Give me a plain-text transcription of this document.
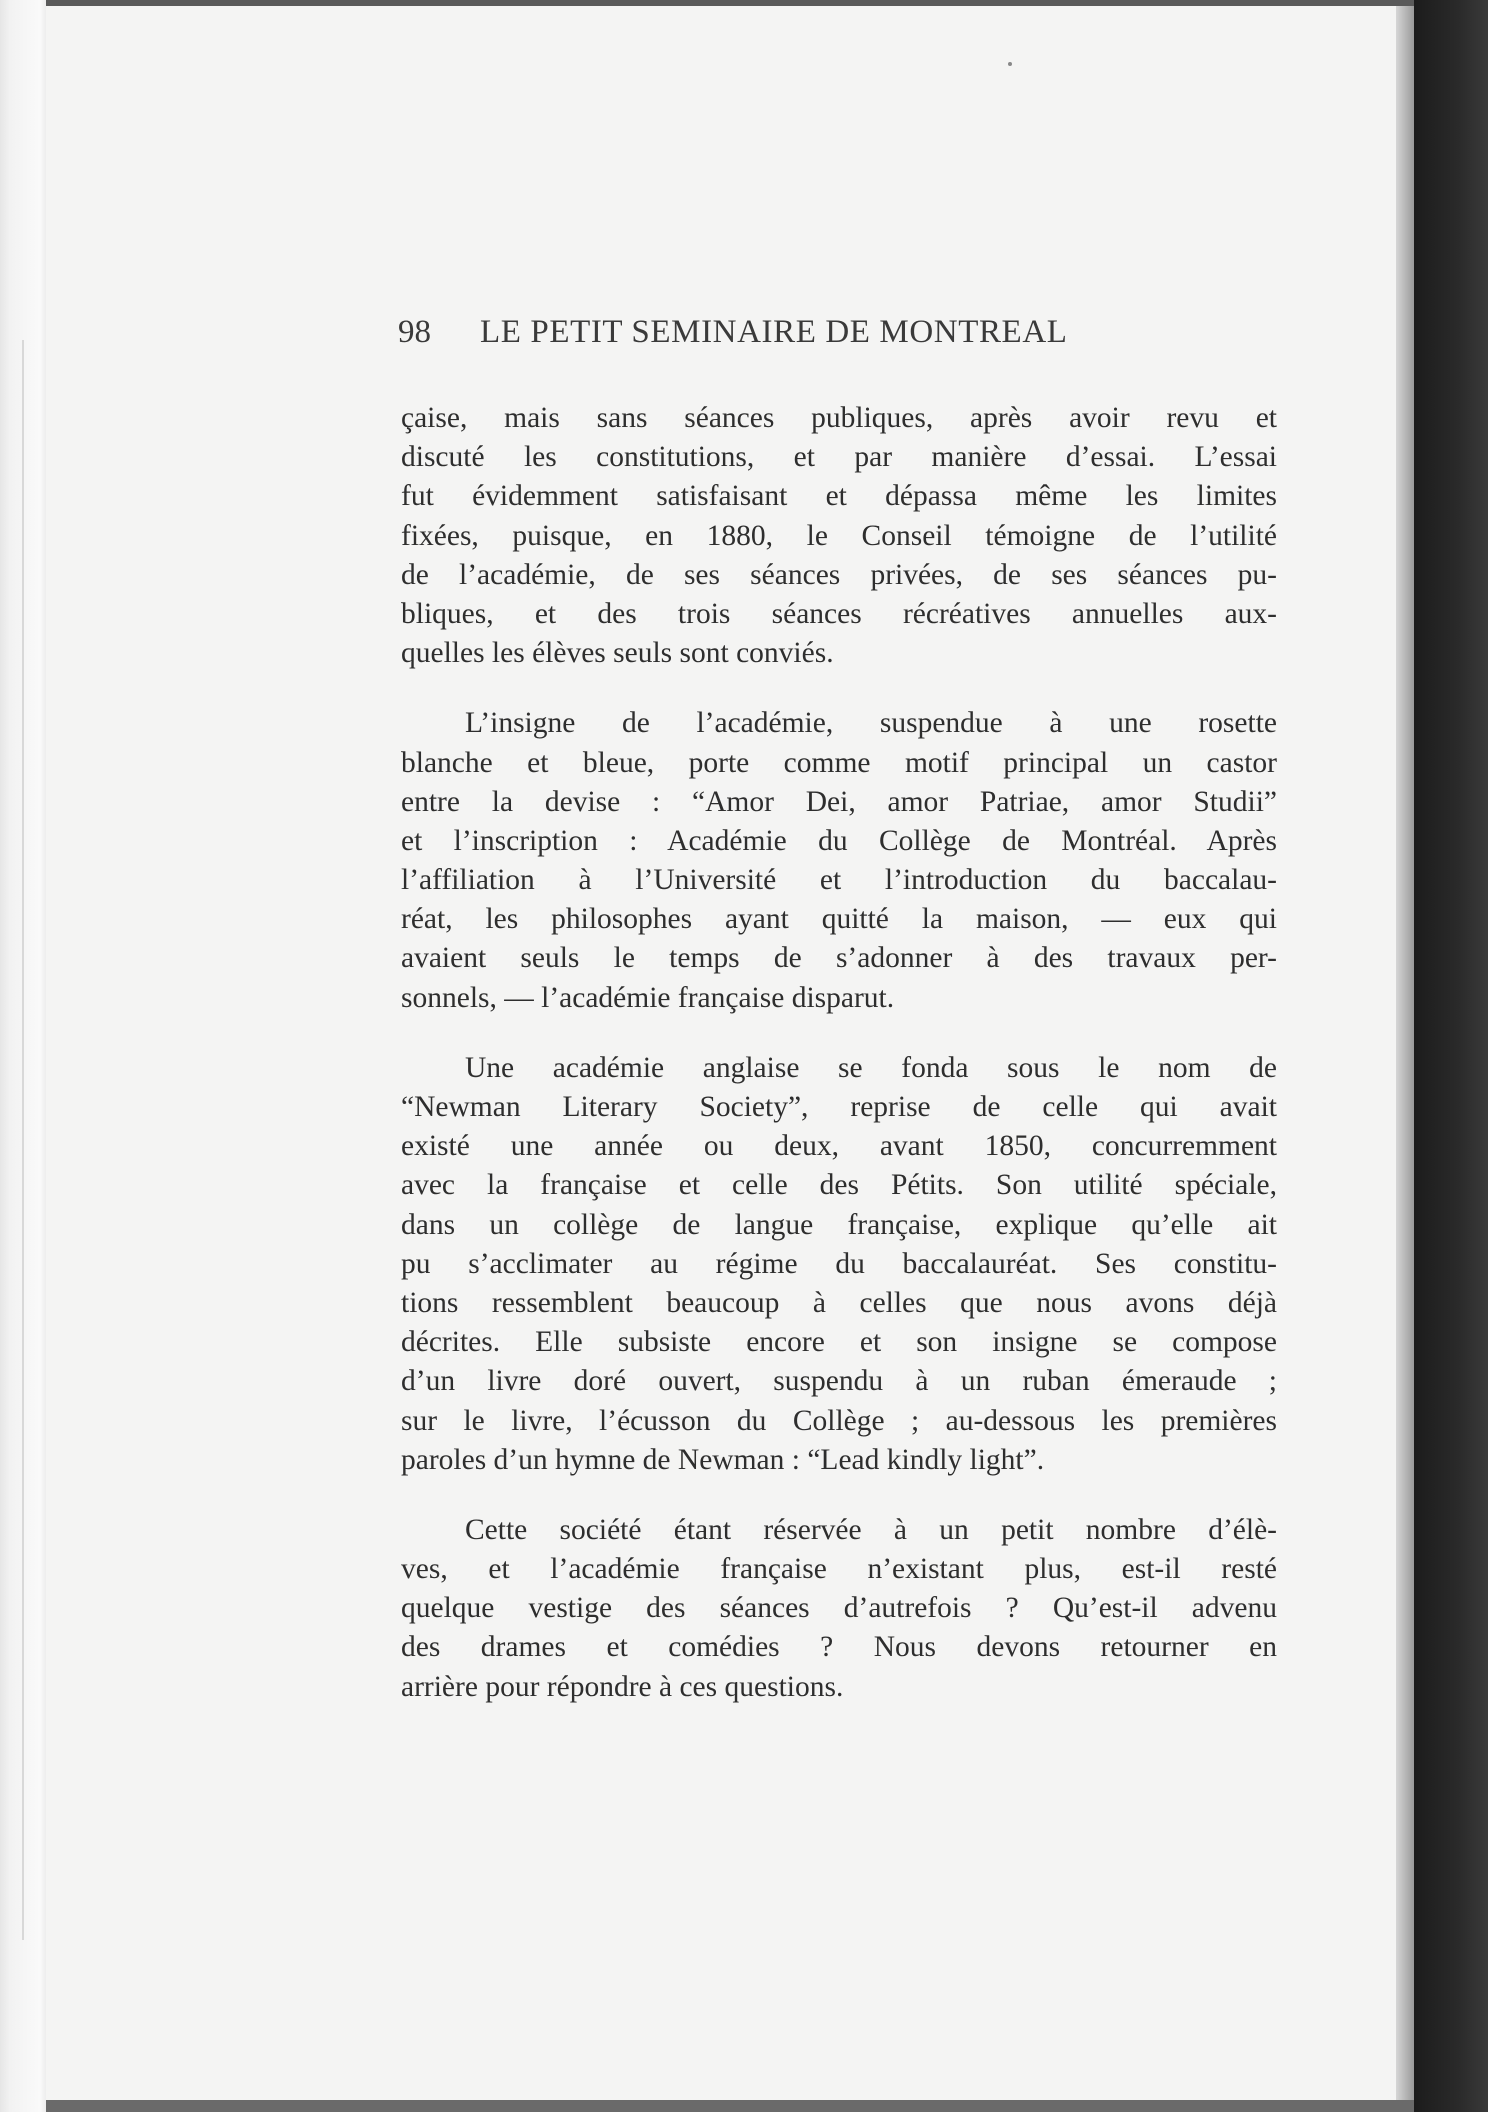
98 LE PETIT SEMINAIRE DE MONTREAL
çaise, mais sans séances publiques, après avoir revu et
discuté les constitutions, et par manière d’essai. L’essai
fut évidemment satisfaisant et dépassa même les limites
fixées, puisque, en 1880, le Conseil témoigne de l’utilité
de l’académie, de ses séances privées, de ses séances pu-
bliques, et des trois séances récréatives annuelles aux-
quelles les élèves seuls sont conviés.
L’insigne de l’académie, suspendue à une rosette
blanche et bleue, porte comme motif principal un castor
entre la devise : “Amor Dei, amor Patriae, amor Studii”
et l’inscription : Académie du Collège de Montréal. Après
l’affiliation à l’Université et l’introduction du baccalau-
réat, les philosophes ayant quitté la maison, — eux qui
avaient seuls le temps de s’adonner à des travaux per-
sonnels, — l’académie française disparut.
Une académie anglaise se fonda sous le nom de
“Newman Literary Society”, reprise de celle qui avait
existé une année ou deux, avant 1850, concurremment
avec la française et celle des Pétits. Son utilité spéciale,
dans un collège de langue française, explique qu’elle ait
pu s’acclimater au régime du baccalauréat. Ses constitu-
tions ressemblent beaucoup à celles que nous avons déjà
décrites. Elle subsiste encore et son insigne se compose
d’un livre doré ouvert, suspendu à un ruban émeraude ;
sur le livre, l’écusson du Collège ; au-dessous les premières
paroles d’un hymne de Newman : “Lead kindly light”.
Cette société étant réservée à un petit nombre d’élè-
ves, et l’académie française n’existant plus, est-il resté
quelque vestige des séances d’autrefois ? Qu’est-il advenu
des drames et comédies ? Nous devons retourner en
arrière pour répondre à ces questions.
